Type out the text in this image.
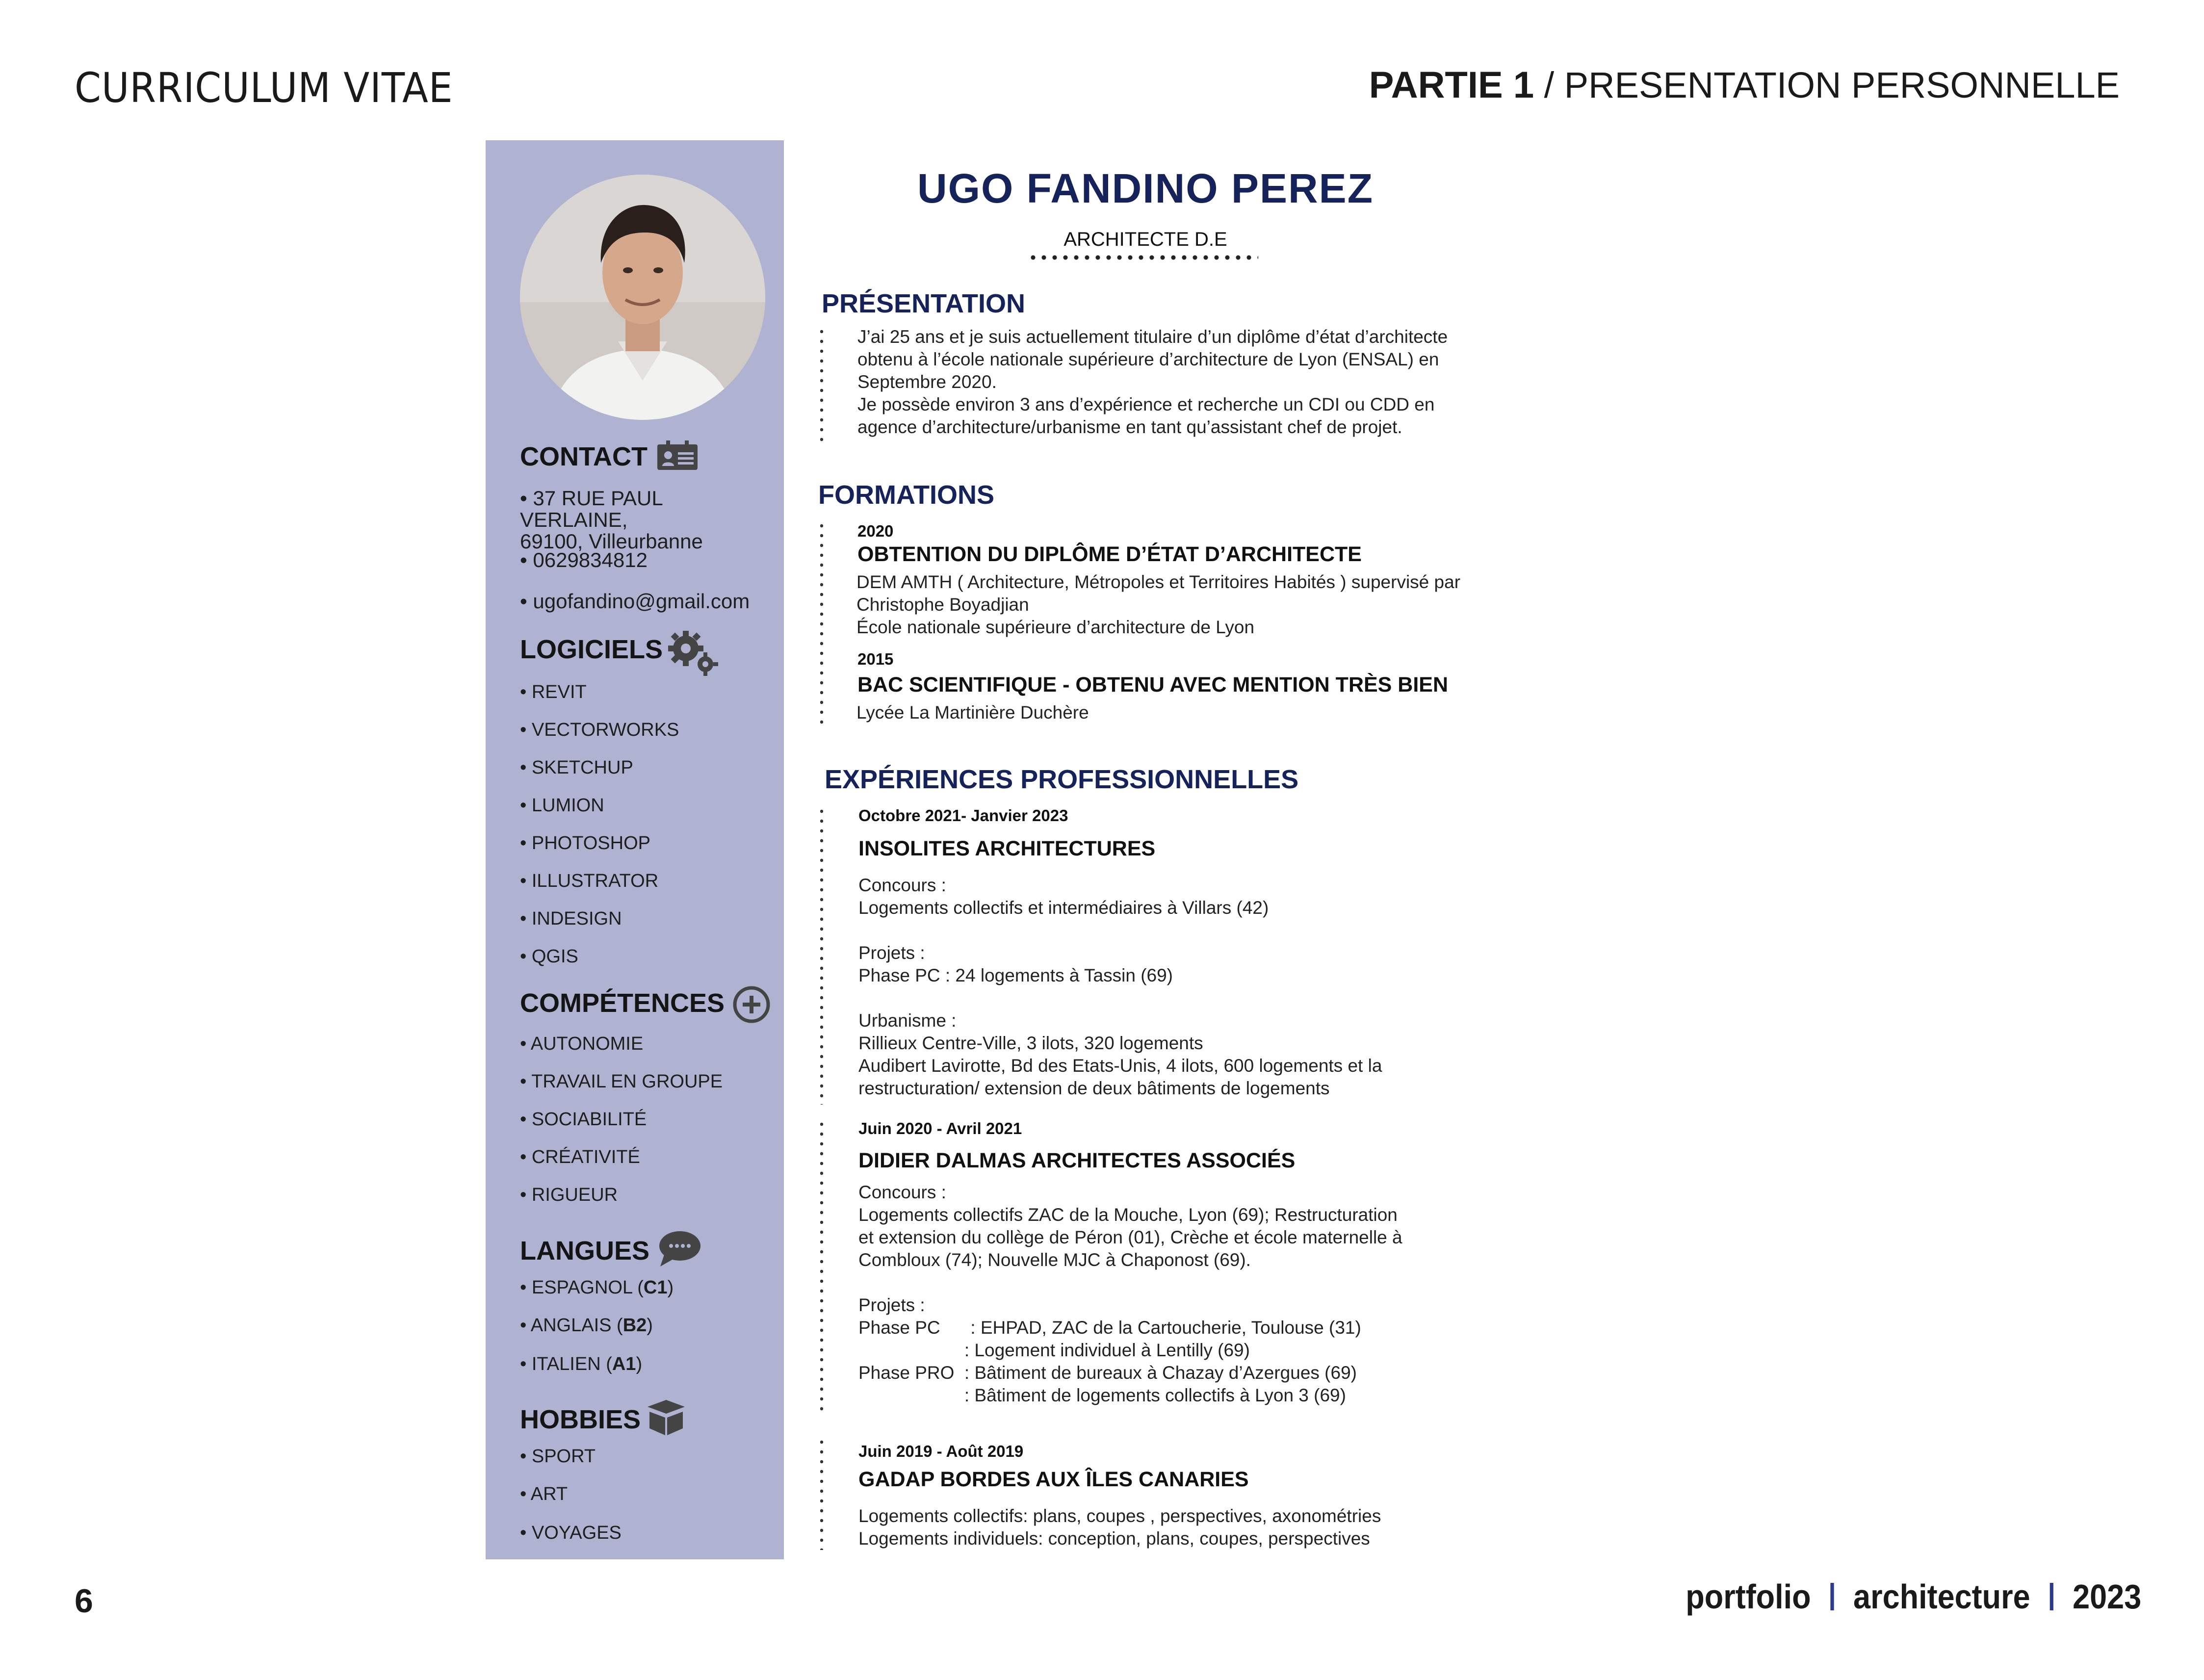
CURRICULUM VITAE	PARTIE 1 / PRESENTATION PERSONNELLE
CONTACT
• 37 RUE PAUL VERLAINE,
69100, Villeurbanne
• 0629834812
• ugofandino@gmail.com
LOGICIELS
• REVIT
• VECTORWORKS
• SKETCHUP
• LUMION
• PHOTOSHOP
• ILLUSTRATOR
• INDESIGN
• QGIS
COMPÉTENCES
• AUTONOMIE
• TRAVAIL EN GROUPE
• SOCIABILITÉ
• CRÉATIVITÉ
• RIGUEUR
LANGUES
• ESPAGNOL (C1)
• ANGLAIS (B2)
• ITALIEN (A1)
HOBBIES
• SPORT
• ART
• VOYAGES
UGO FANDINO PEREZ
ARCHITECTE D.E
PRÉSENTATION
J’ai 25 ans et je suis actuellement titulaire d’un diplôme d’état d’architecte
obtenu à l’école nationale supérieure d’architecture de Lyon (ENSAL) en
Septembre 2020.
Je possède environ 3 ans d’expérience et recherche un CDI ou CDD en
agence d’architecture/urbanisme en tant qu’assistant chef de projet.
FORMATIONS
2020
OBTENTION DU DIPLÔME D’ÉTAT D’ARCHITECTE
DEM AMTH ( Architecture, Métropoles et Territoires Habités ) supervisé par
Christophe Boyadjian
École nationale supérieure d’architecture de Lyon
2015
BAC SCIENTIFIQUE - OBTENU AVEC MENTION TRÈS BIEN
Lycée La Martinière Duchère
EXPÉRIENCES PROFESSIONNELLES
Octobre 2021- Janvier 2023
INSOLITES ARCHITECTURES
Concours :
Logements collectifs et intermédiaires à Villars (42)
Projets :
Phase PC : 24 logements à Tassin (69)
Urbanisme :
Rillieux Centre-Ville, 3 ilots, 320 logements
Audibert Lavirotte, Bd des Etats-Unis, 4 ilots, 600 logements et la
restructuration/ extension de deux bâtiments de logements
Juin 2020 - Avril 2021
DIDIER DALMAS ARCHITECTES ASSOCIÉS
Concours :
Logements collectifs ZAC de la Mouche, Lyon (69); Restructuration
et extension du collège de Péron (01), Crèche et école maternelle à
Combloux (74); Nouvelle MJC à Chaponost (69).
Projets :
Phase PC      : EHPAD, ZAC de la Cartoucherie, Toulouse (31)
: Logement individuel à Lentilly (69)
Phase PRO  : Bâtiment de bureaux à Chazay d’Azergues (69)
: Bâtiment de logements collectifs à Lyon 3 (69)
Juin 2019 - Août 2019
GADAP BORDES AUX ÎLES CANARIES
Logements collectifs: plans, coupes , perspectives, axonométries
Logements individuels: conception, plans, coupes, perspectives
6	portfolio architecture 2023
